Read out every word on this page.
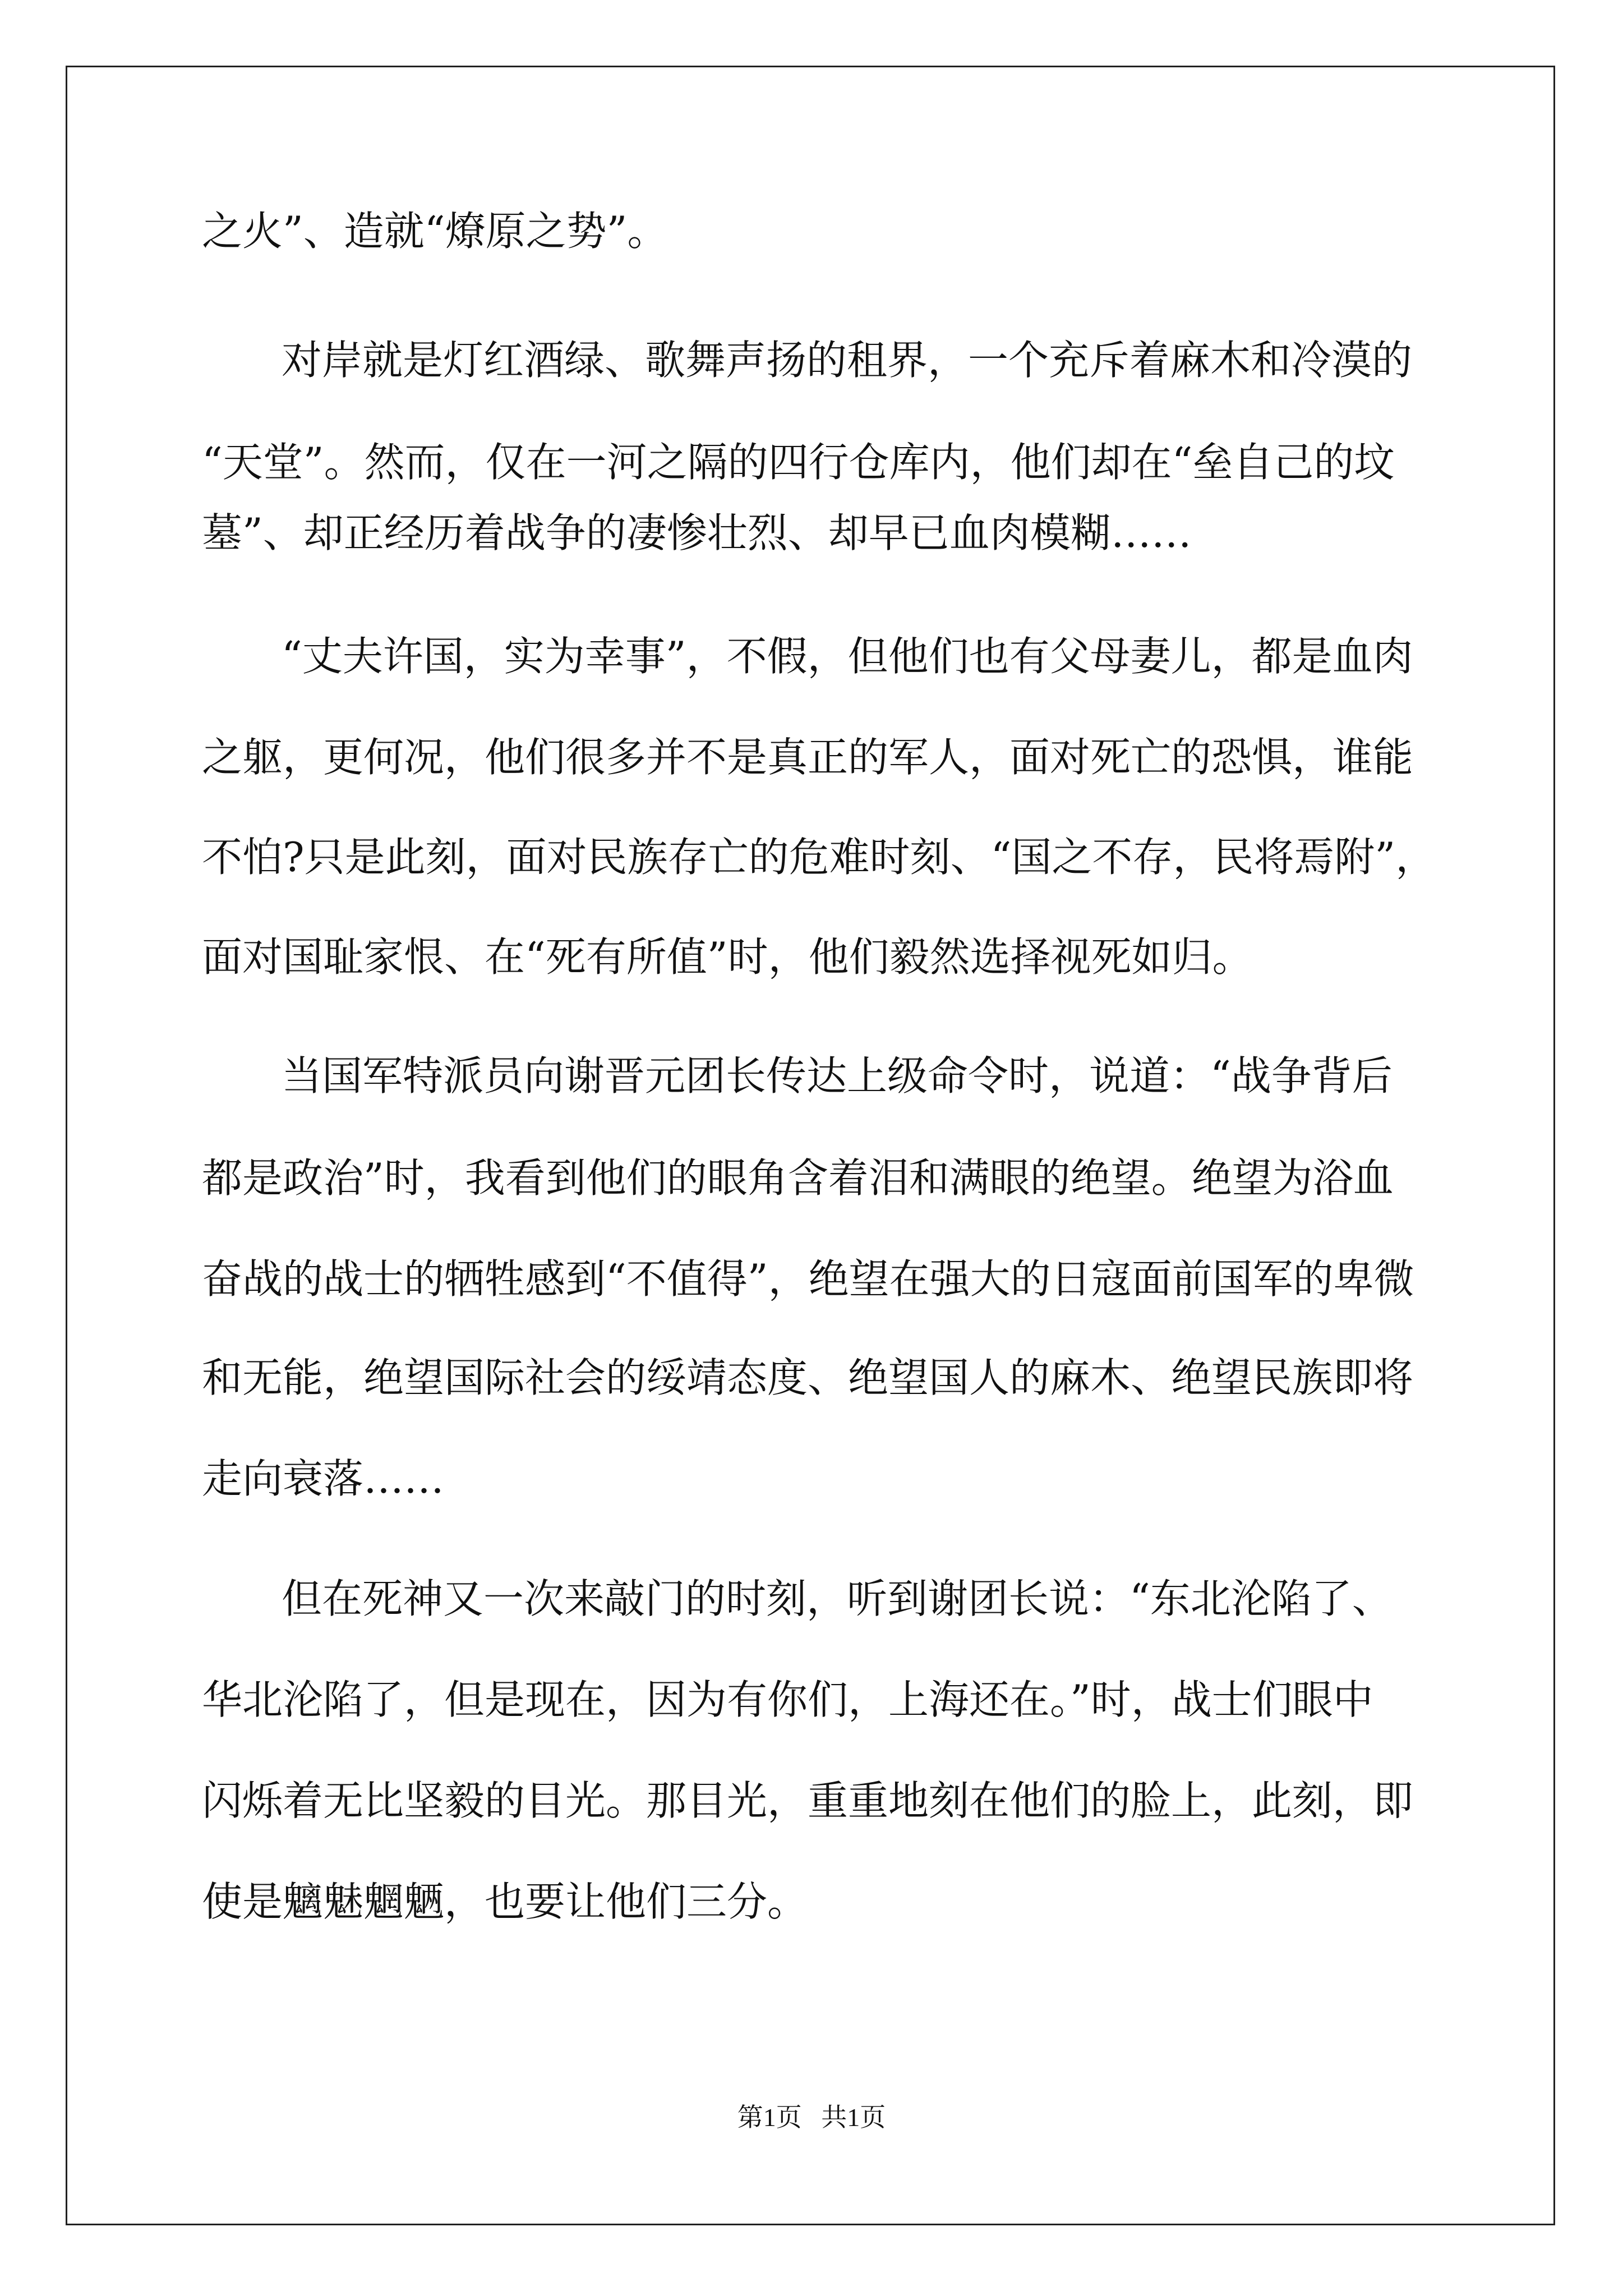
之火”、造就“燎原之势”。
对岸就是灯红酒绿、歌舞声扬的租界，一个充斥着麻木和冷漠的
“天堂”。然而，仅在一河之隔的四行仓库内，他们却在“垒自己的坟
墓”、却正经历着战争的凄惨壮烈、却早已血肉模糊……
“丈夫许国，实为幸事”，不假，但他们也有父母妻儿，都是血肉
之躯，更何况，他们很多并不是真正的军人，面对死亡的恐惧，谁能
不怕?只是此刻，面对民族存亡的危难时刻、“国之不存，民将焉附”，
面对国耻家恨、在“死有所值”时，他们毅然选择视死如归。
当国军特派员向谢晋元团长传达上级命令时，说道：“战争背后
都是政治”时，我看到他们的眼角含着泪和满眼的绝望。绝望为浴血
奋战的战士的牺牲感到“不值得”，绝望在强大的日寇面前国军的卑微
和无能，绝望国际社会的绥靖态度、绝望国人的麻木、绝望民族即将
走向衰落……
但在死神又一次来敲门的时刻，听到谢团长说：“东北沦陷了、
华北沦陷了，但是现在，因为有你们，上海还在。”时，战士们眼中
闪烁着无比坚毅的目光。那目光，重重地刻在他们的脸上，此刻，即
使是魑魅魍魉，也要让他们三分。
第1页   共1页
